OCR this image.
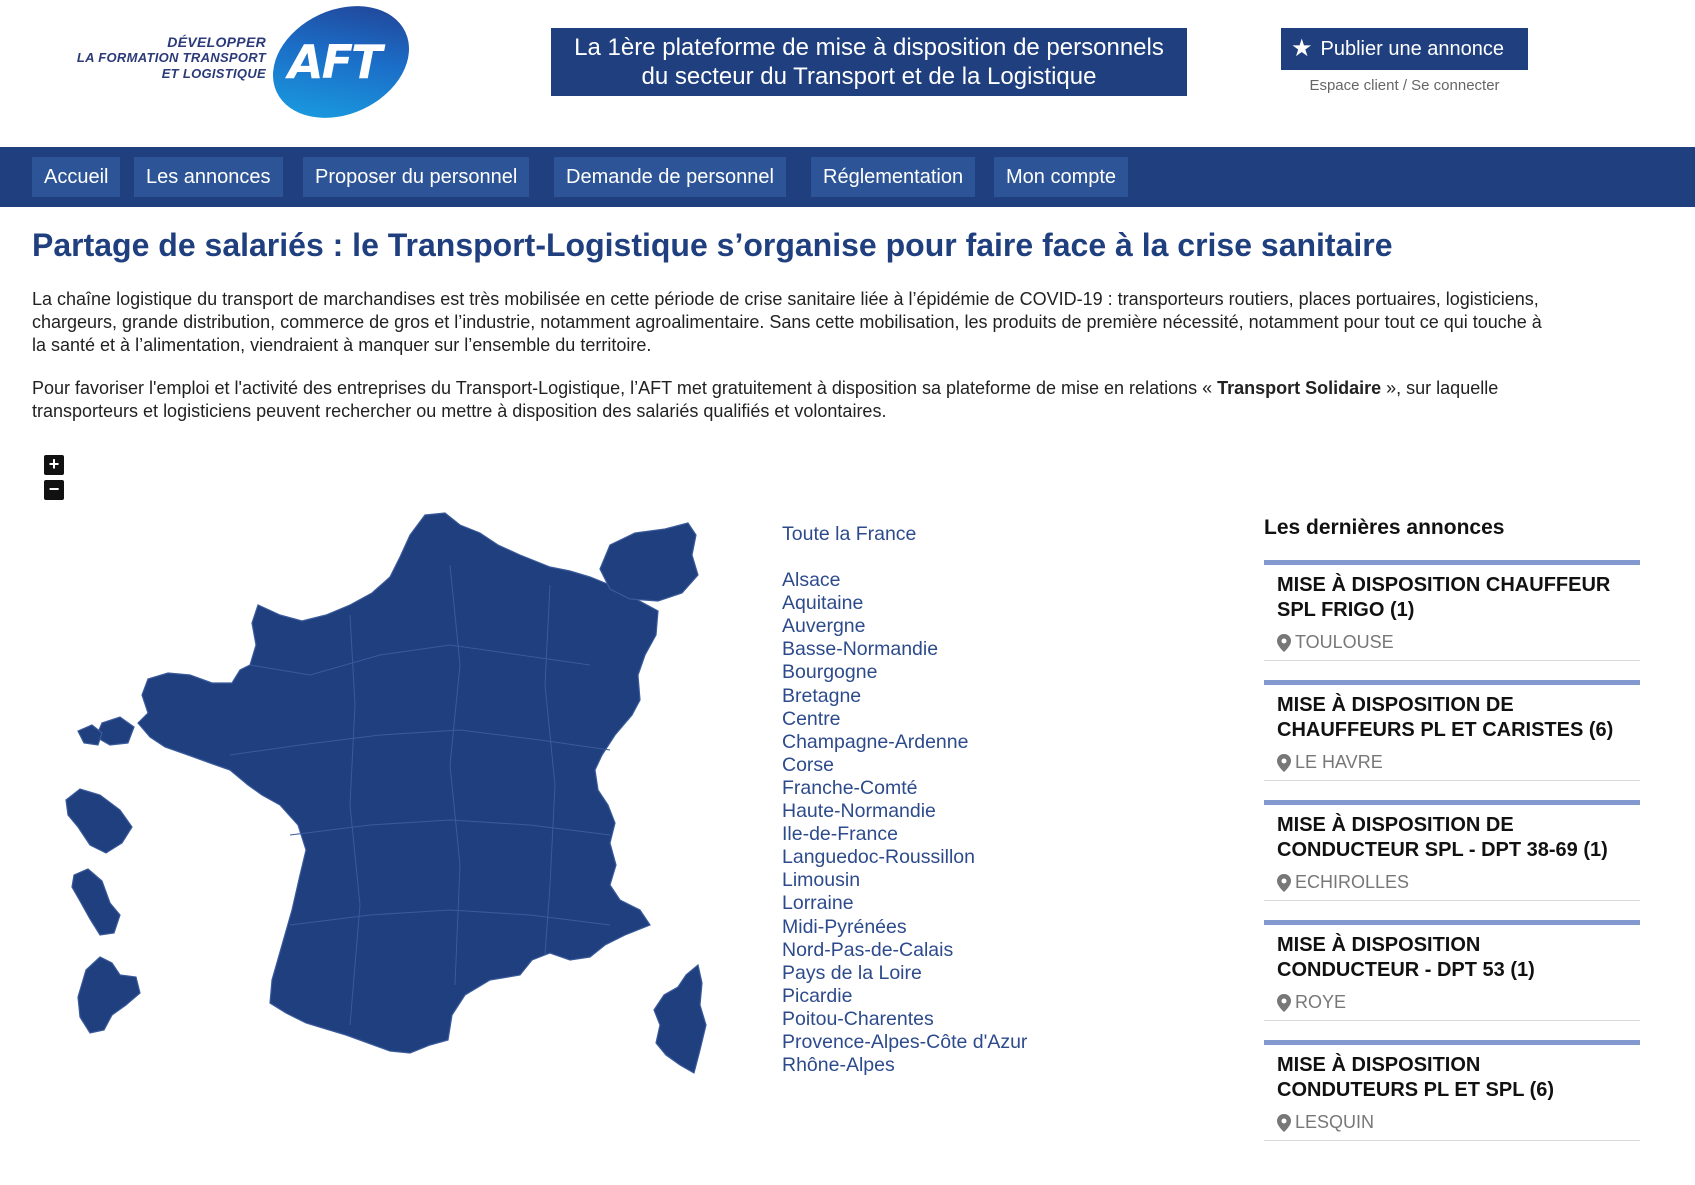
DÉVELOPPER
LA FORMATION TRANSPORT
ET LOGISTIQUE AFT	La 1ère plateforme de mise à disposition de personnels
du secteur du Transport et de la Logistique
★ Publier une annonce
Espace client / Se connecter
Accueil	Les annonces	Proposer du personnel	Demande de personnel	Réglementation	Mon compte
Partage de salariés : le Transport-Logistique s’organise pour faire face à la crise sanitaire

La chaîne logistique du transport de marchandises est très mobilisée en cette période de crise sanitaire liée à l’épidémie de COVID-19 : transporteurs routiers, places portuaires, logisticiens, chargeurs, grande distribution, commerce de gros et l’industrie, notamment agroalimentaire. Sans cette mobilisation, les produits de première nécessité, notamment pour tout ce qui touche à la santé et à l’alimentation, viendraient à manquer sur l’ensemble du territoire.

Pour favoriser l'emploi et l'activité des entreprises du Transport-Logistique, l’AFT met gratuitement à disposition sa plateforme de mise en relations « Transport Solidaire », sur laquelle transporteurs et logisticiens peuvent rechercher ou mettre à disposition des salariés qualifiés et volontaires.

+
−
Toute la France
Alsace
Aquitaine
Auvergne
Basse-Normandie
Bourgogne
Bretagne
Centre
Champagne-Ardenne
Corse
Franche-Comté
Haute-Normandie
Ile-de-France
Languedoc-Roussillon
Limousin
Lorraine
Midi-Pyrénées
Nord-Pas-de-Calais
Pays de la Loire
Picardie
Poitou-Charentes
Provence-Alpes-Côte d'Azur
Rhône-Alpes
Les dernières annonces
MISE À DISPOSITION CHAUFFEUR
SPL FRIGO (1)
TOULOUSE
MISE À DISPOSITION DE
CHAUFFEURS PL ET CARISTES (6)
LE HAVRE
MISE À DISPOSITION DE
CONDUCTEUR SPL - DPT 38-69 (1)
ECHIROLLES
MISE À DISPOSITION
CONDUCTEUR - DPT 53 (1)
ROYE
MISE À DISPOSITION
CONDUTEURS PL ET SPL (6)
LESQUIN
